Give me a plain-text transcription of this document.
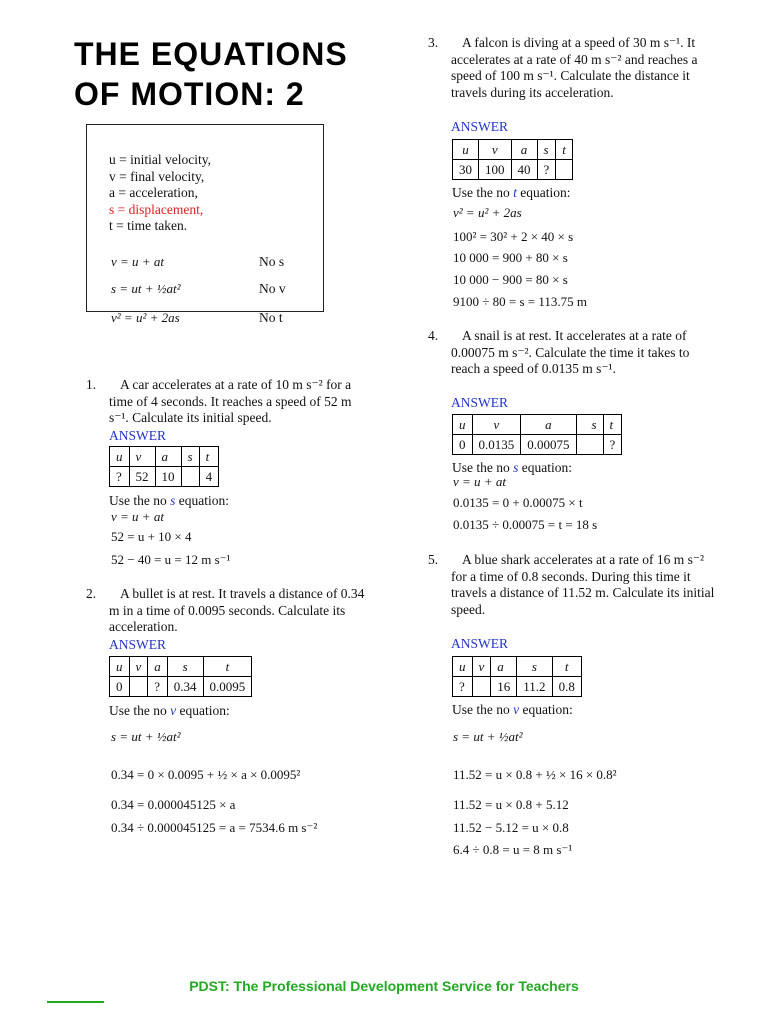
THE EQUATIONS
OF MOTION: 2
u = initial velocity,
v = final velocity,
a = acceleration,
s = displacement,
t = time taken.
v = u + at	No s
s = ut + ½at²	No v
v² = u² + 2as	No t
1.	A car accelerates at a rate of 10 m s⁻² for a time of 4 seconds. It reaches a speed of 52 m s⁻¹. Calculate its initial speed.
ANSWER
u	v	a	s	t
?	52	10		4
Use the no s equation:
v = u + at
52 = u + 10 × 4
52 − 40 = u = 12 m s⁻¹
2.	A bullet is at rest. It travels a distance of 0.34 m in a time of 0.0095 seconds. Calculate its acceleration.
ANSWER
u	v	a	s	t
0		?	0.34	0.0095
Use the no v equation:
s = ut + ½at²
0.34 = 0 × 0.0095 + ½ × a × 0.0095²
0.34 = 0.000045125 × a
0.34 ÷ 0.000045125 = a = 7534.6 m s⁻²
3.	A falcon is diving at a speed of 30 m s⁻¹. It accelerates at a rate of 40 m s⁻² and reaches a speed of 100 m s⁻¹. Calculate the distance it travels during its acceleration.
ANSWER
u	v	a	s	t
30	100	40	?	
Use the no t equation:
v² = u² + 2as
100² = 30² + 2 × 40 × s
10 000 = 900 + 80 × s
10 000 − 900 = 80 × s
9100 ÷ 80 = s = 113.75 m
4.	A snail is at rest. It accelerates at a rate of 0.00075 m s⁻². Calculate the time it takes to reach a speed of 0.0135 m s⁻¹.
ANSWER
u	v	a	s	t
0	0.0135	0.00075		?
Use the no s equation:
v = u + at
0.0135 = 0 + 0.00075 × t
0.0135 ÷ 0.00075 = t = 18 s
5.	A blue shark accelerates at a rate of 16 m s⁻² for a time of 0.8 seconds. During this time it travels a distance of 11.52 m. Calculate its initial speed.
ANSWER
u	v	a	s	t
?		16	11.2	0.8
Use the no v equation:
s = ut + ½at²
11.52 = u × 0.8 + ½ × 16 × 0.8²
11.52 = u × 0.8 + 5.12
11.52 − 5.12 = u × 0.8
6.4 ÷ 0.8 = u = 8 m s⁻¹
PDST: The Professional Development Service for Teachers
